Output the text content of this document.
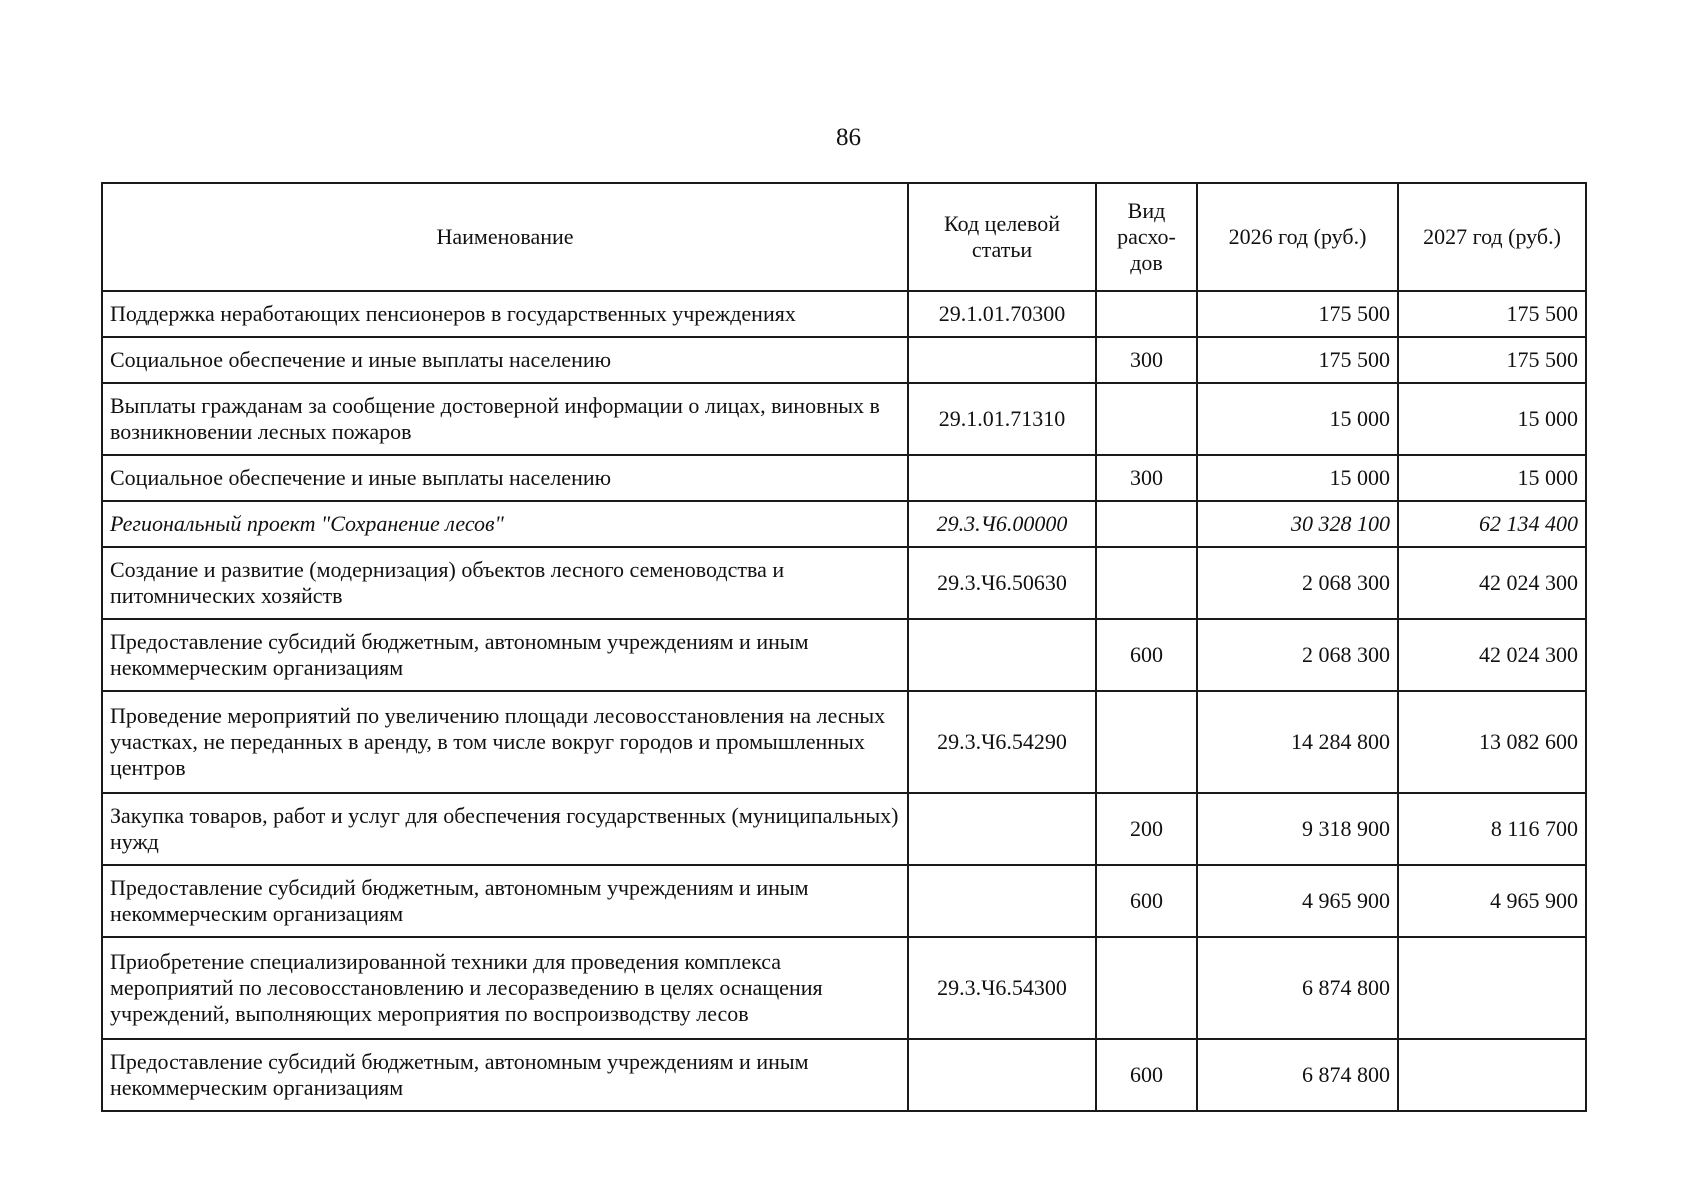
86
Наименование	Код целевой статьи	Вид расхо-дов	2026 год (руб.)	2027 год (руб.)
Поддержка неработающих пенсионеров в государственных учреждениях	29.1.01.70300		175 500	175 500
Социальное обеспечение и иные выплаты населению		300	175 500	175 500
Выплаты гражданам за сообщение достоверной информации о лицах, виновных в возникновении лесных пожаров	29.1.01.71310		15 000	15 000
Социальное обеспечение и иные выплаты населению		300	15 000	15 000
Региональный проект "Сохранение лесов"	29.3.Ч6.00000		30 328 100	62 134 400
Создание и развитие (модернизация) объектов лесного семеноводства и питомнических хозяйств	29.3.Ч6.50630		2 068 300	42 024 300
Предоставление субсидий бюджетным, автономным учреждениям и иным некоммерческим организациям		600	2 068 300	42 024 300
Проведение мероприятий по увеличению площади лесовосстановления на лесных участках, не переданных в аренду, в том числе вокруг городов и промышленных центров	29.3.Ч6.54290		14 284 800	13 082 600
Закупка товаров, работ и услуг для обеспечения государственных (муниципальных) нужд		200	9 318 900	8 116 700
Предоставление субсидий бюджетным, автономным учреждениям и иным некоммерческим организациям		600	4 965 900	4 965 900
Приобретение специализированной техники для проведения комплекса мероприятий по лесовосстановлению и лесоразведению в целях оснащения учреждений, выполняющих мероприятия по воспроизводству лесов	29.3.Ч6.54300		6 874 800	
Предоставление субсидий бюджетным, автономным учреждениям и иным некоммерческим организациям		600	6 874 800	
